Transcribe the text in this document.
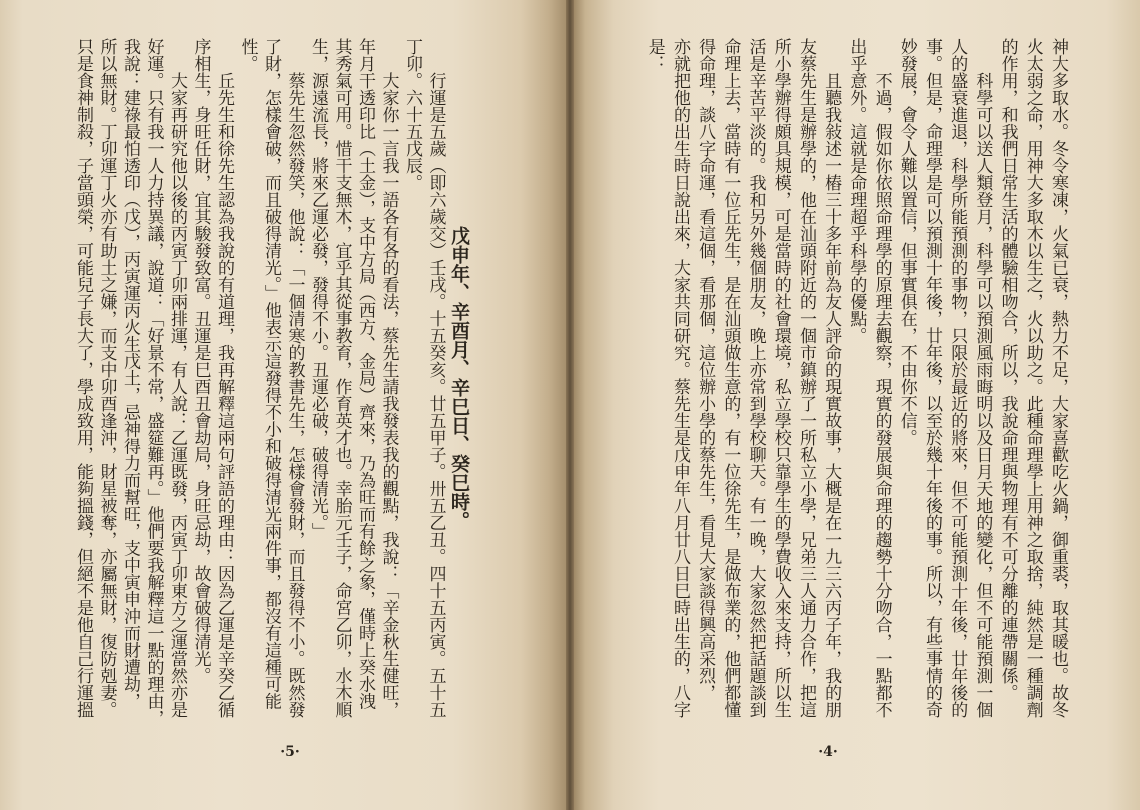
戊申年、辛酉月、辛巳日、癸巳時。
行運是五歲（即六歲交）壬戌。十五癸亥。廿五甲子。卅五乙丑。四十五丙寅。五十五
丁卯。六十五戊辰。
大家你一言我一語各有各的看法，蔡先生請我發表我的觀點，我說：「辛金秋生健旺，
年月干透印比（土金），支中方局（西方、金局）齊來，乃為旺而有餘之象，僅時上癸水洩
其秀氣可用。惜干支無木，宜乎其從事教育，作育英才也。幸胎元壬子，命宮乙卯，水木順
生，源遠流長，將來乙運必發，發得不小。丑運必破，破得清光。」
蔡先生忽然發笑，他說：「一個清寒的教書先生，怎樣會發財，而且發得不小。既然發
了財，怎樣會破，而且破得清光。」他表示這發得不小和破得清光兩件事，都沒有這種可能
性。
丘先生和徐先生認為我說的有道理，我再解釋這兩句評語的理由：因為乙運是辛癸乙循
序相生，身旺任財，宜其駿發致富。丑運是巳酉丑會劫局，身旺忌劫，故會破得清光。
大家再研究他以後的丙寅丁卯兩排運，有人說：乙運既發，丙寅丁卯東方之運當然亦是
好運。只有我一人力持異議，說道：「好景不常，盛筵難再。」他們要我解釋這一點的理由，
我說：建祿最怕透印（戊），丙寅運丙火生戊土，忌神得力而幫旺，支中寅申沖而財遭劫，
所以無財。丁卯運丁火亦有助土之嫌，而支中卯酉逢沖，財星被奪，亦屬無財，復防剋妻。
只是食神制殺，子當頭榮，可能兒子長大了，學成致用，能夠搵錢，但絕不是他自己行運搵
·5·
神大多取水。冬令寒凍，火氣已衰，熱力不足，大家喜歡吃火鍋，御重裘，取其暖也。故冬
火太弱之命，用神大多取木以生之，火以助之。此種命理學上用神之取捨，純然是一種調劑
的作用，和我們日常生活的體驗相吻合，所以，我說命理與物理有不可分離的連帶關係。
科學可以送人類登月，科學可以預測風雨晦明以及日月天地的變化，但不可能預測一個
人的盛衰進退，科學所能預測的事物，只限於最近的將來，但不可能預測十年後，廿年後的
事。但是，命理學是可以預測十年後，廿年後，以至於幾十年後的事。所以，有些事情的奇
妙發展，會令人難以置信，但事實俱在，不由你不信。
不過，假如你依照命理學的原理去觀察，現實的發展與命理的趨勢十分吻合，一點都不
出乎意外。這就是命理超乎科學的優點。
且聽我敍述一樁三十多年前為友人評命的現實故事，大概是在一九三六丙子年，我的朋
友蔡先生是辦學的，他在汕頭附近的一個市鎮辦了一所私立小學，兄弟三人通力合作，把這
所小學辦得頗具規模，可是當時的社會環境，私立學校只靠學生的學費收入來支持，所以生
活是辛苦平淡的。我和另外幾個朋友，晚上亦常到學校聊天。有一晚，大家忽然把話題談到
命理上去，當時有一位丘先生，是在汕頭做生意的，有一位徐先生，是做布業的，他們都懂
得命理，談八字命運，看這個，看那個，這位辦小學的蔡先生，看見大家談得興高采烈，
亦就把他的出生時日說出來，大家共同研究。蔡先生是戊申年八月廿八日巳時出生的，八字
是：
·4·
